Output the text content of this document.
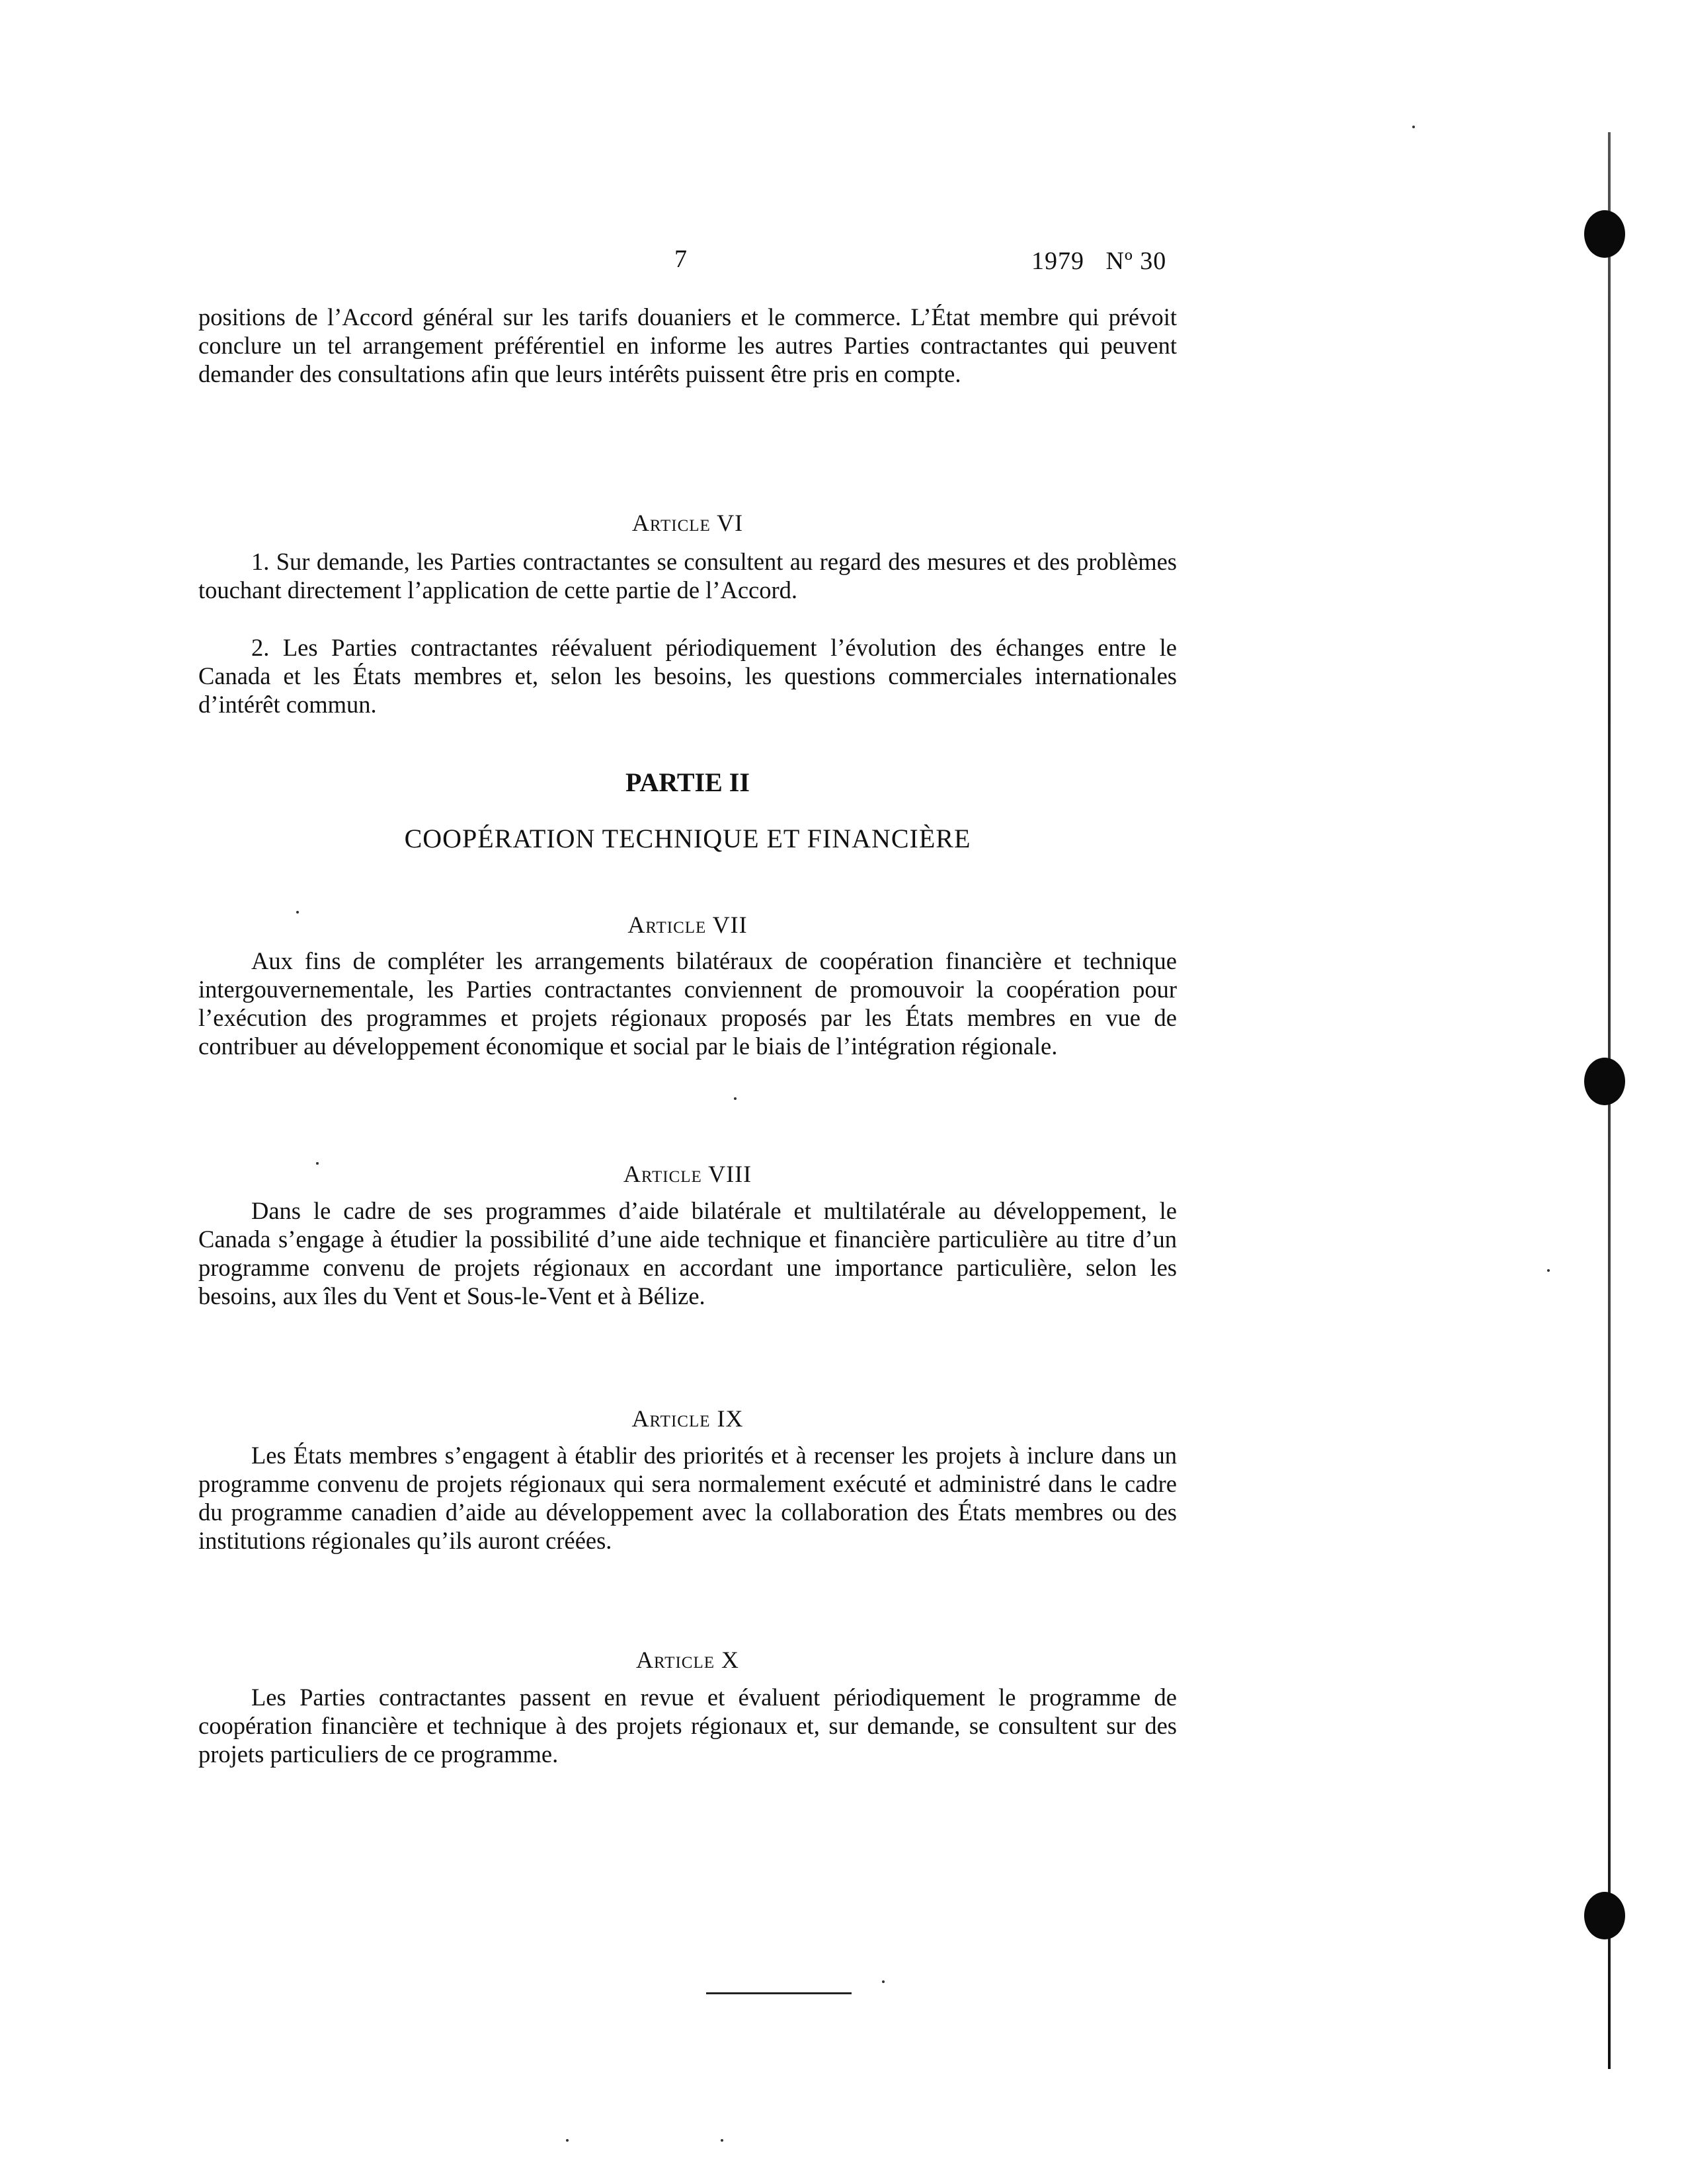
7	1979 Nº 30

positions de l’Accord général sur les tarifs douaniers et le commerce. L’État membre qui prévoit conclure un tel arrangement préférentiel en informe les autres Parties contractantes qui peuvent demander des consultations afin que leurs intérêts puissent être pris en compte.

Article VI

1. Sur demande, les Parties contractantes se consultent au regard des mesures et des problèmes touchant directement l’application de cette partie de l’Accord.

2. Les Parties contractantes réévaluent périodiquement l’évolution des échanges entre le Canada et les États membres et, selon les besoins, les questions commerciales internationales d’intérêt commun.

PARTIE II
COOPÉRATION TECHNIQUE ET FINANCIÈRE
Article VII

Aux fins de compléter les arrangements bilatéraux de coopération financière et technique intergouvernementale, les Parties contractantes conviennent de promouvoir la coopération pour l’exécution des programmes et projets régionaux proposés par les États membres en vue de contribuer au développement économique et social par le biais de l’intégration régionale.

Article VIII

Dans le cadre de ses programmes d’aide bilatérale et multilatérale au développement, le Canada s’engage à étudier la possibilité d’une aide technique et financière particulière au titre d’un programme convenu de projets régionaux en accordant une importance particulière, selon les besoins, aux îles du Vent et Sous-le-Vent et à Bélize.

Article IX

Les États membres s’engagent à établir des priorités et à recenser les projets à inclure dans un programme convenu de projets régionaux qui sera normalement exécuté et administré dans le cadre du programme canadien d’aide au développement avec la collaboration des États membres ou des institutions régionales qu’ils auront créées.

Article X

Les Parties contractantes passent en revue et évaluent périodiquement le programme de coopération financière et technique à des projets régionaux et, sur demande, se consultent sur des projets particuliers de ce programme.
